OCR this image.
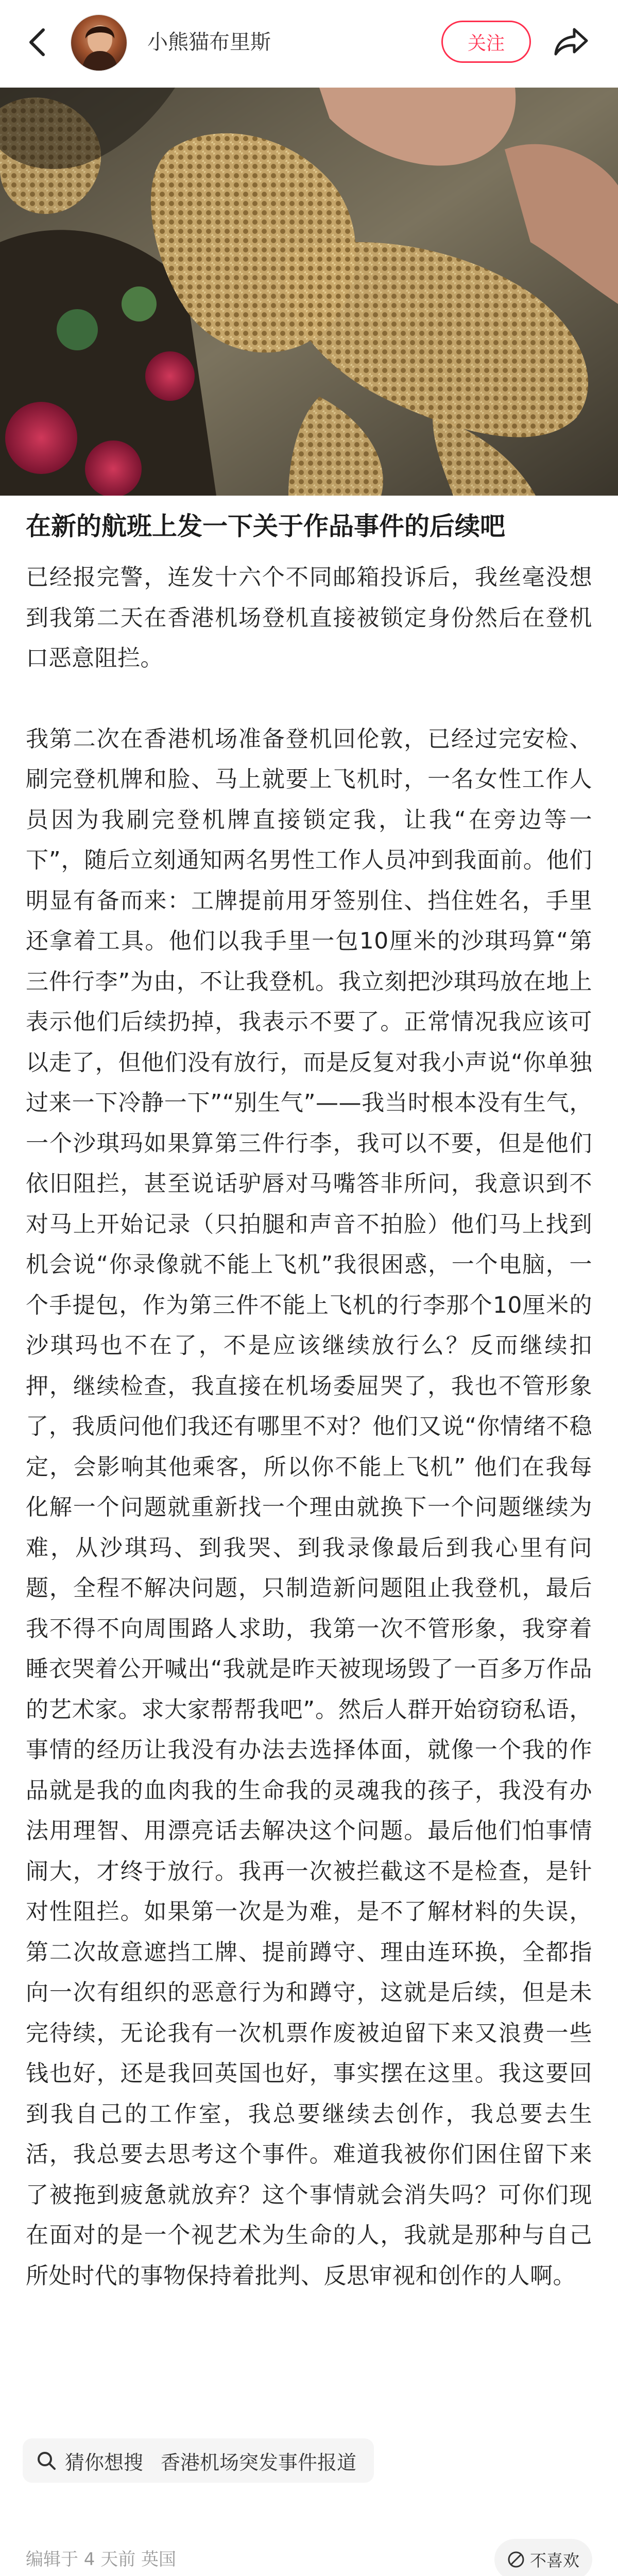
小熊猫布里斯	关注
在新的航班上发一下关于作品事件的后续吧

已经报完警，连发十六个不同邮箱投诉后，我丝毫没想到我第二天在香港机场登机直接被锁定身份然后在登机口恶意阻拦。

我第二次在香港机场准备登机回伦敦，已经过完安检、刷完登机牌和脸、马上就要上飞机时，一名女性工作人员因为我刷完登机牌直接锁定我，让我“在旁边等一下”，随后立刻通知两名男性工作人员冲到我面前。他们明显有备而来：工牌提前用牙签别住、挡住姓名，手里还拿着工具。他们以我手里一包10厘米的沙琪玛算“第三件行李”为由，不让我登机。我立刻把沙琪玛放在地上表示他们后续扔掉，我表示不要了。正常情况我应该可以走了，但他们没有放行，而是反复对我小声说“你单独过来一下冷静一下”“别生气”——我当时根本没有生气，一个沙琪玛如果算第三件行李，我可以不要，但是他们依旧阻拦，甚至说话驴唇对马嘴答非所问，我意识到不对马上开始记录（只拍腿和声音不拍脸）他们马上找到机会说“你录像就不能上飞机”我很困惑，一个电脑，一个手提包，作为第三件不能上飞机的行李那个10厘米的沙琪玛也不在了，不是应该继续放行么？反而继续扣押，继续检查，我直接在机场委屈哭了，我也不管形象了，我质问他们我还有哪里不对？他们又说“你情绪不稳定，会影响其他乘客，所以你不能上飞机” 他们在我每化解一个问题就重新找一个理由就换下一个问题继续为难，从沙琪玛、到我哭、到我录像最后到我心里有问题，全程不解决问题，只制造新问题阻止我登机，最后我不得不向周围路人求助，我第一次不管形象，我穿着睡衣哭着公开喊出“我就是昨天被现场毁了一百多万作品的艺术家。求大家帮帮我吧”。然后人群开始窃窃私语，事情的经历让我没有办法去选择体面，就像一个我的作品就是我的血肉我的生命我的灵魂我的孩子，我没有办法用理智、用漂亮话去解决这个问题。最后他们怕事情闹大，才终于放行。我再一次被拦截这不是检查，是针对性阻拦。如果第一次是为难，是不了解材料的失误，第二次故意遮挡工牌、提前蹲守、理由连环换，全都指向一次有组织的恶意行为和蹲守，这就是后续，但是未完待续，无论我有一次机票作废被迫留下来又浪费一些钱也好，还是我回英国也好，事实摆在这里。我这要回到我自己的工作室，我总要继续去创作，我总要去生活，我总要去思考这个事件。难道我被你们困住留下来了被拖到疲惫就放弃？这个事情就会消失吗？可你们现在面对的是一个视艺术为生命的人，我就是那种与自己所处时代的事物保持着批判、反思审视和创作的人啊。

猜你想搜 香港机场突发事件报道
编辑于 4 天前 英国	不喜欢
